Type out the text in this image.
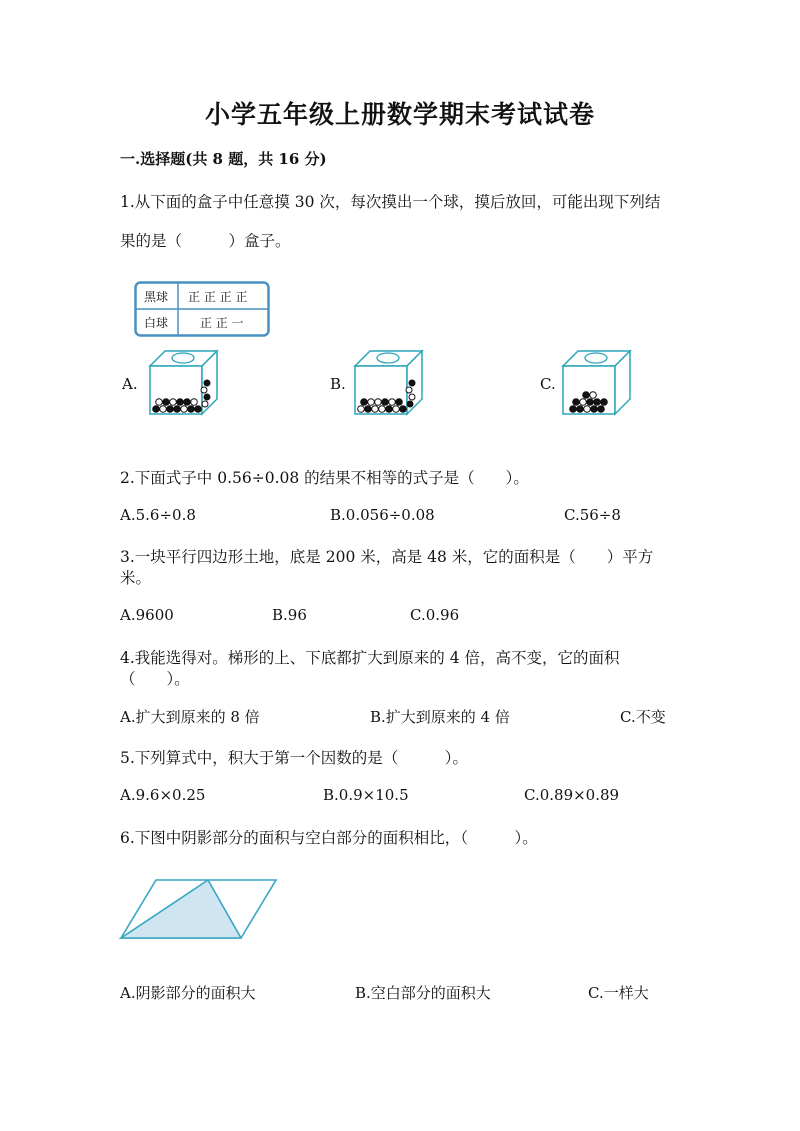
小学五年级上册数学期末考试试卷
一.选择题(共 8 题，共 16 分)
1.从下面的盒子中任意摸 30 次，每次摸出一个球，摸后放回，可能出现下列结
果的是（　　　）盒子。
黑球 正 正 正 正
白球	正 正 一
A.	B.	C.
2.下面式子中 0.56÷0.08 的结果不相等的式子是（　　）。
A.5.6÷0.8	B.0.056÷0.08	C.56÷8
3.一块平行四边形土地，底是 200 米，高是 48 米，它的面积是（　　）平方
米。
A.9600	B.96	C.0.96
4.我能选得对。梯形的上、下底都扩大到原来的 4 倍，高不变，它的面积
（　　）。
A.扩大到原来的 8 倍	B.扩大到原来的 4 倍	C.不变
5.下列算式中，积大于第一个因数的是（　　　）。
A.9.6×0.25	B.0.9×10.5	C.0.89×0.89
6.下图中阴影部分的面积与空白部分的面积相比，（　　　）。
A.阴影部分的面积大	B.空白部分的面积大	C.一样大
